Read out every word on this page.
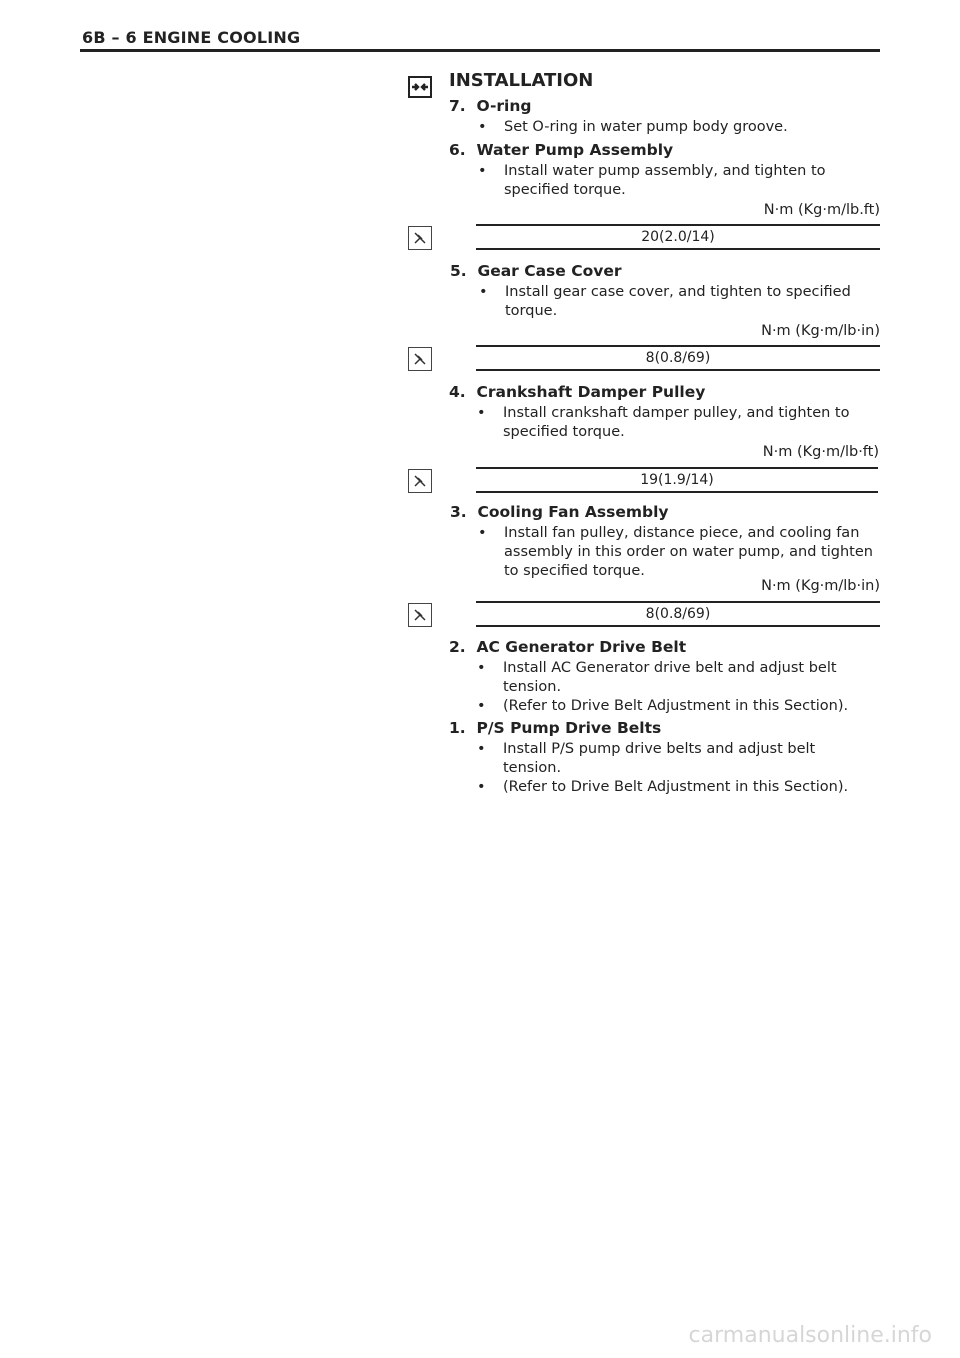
6B – 6 ENGINE COOLING
INSTALLATION
7. O-ring
• Set O-ring in water pump body groove.
6. Water Pump Assembly
• Install water pump assembly, and tighten to
specified torque.
N·m (Kg·m/lb.ft)
20(2.0/14)
5. Gear Case Cover
• Install gear case cover, and tighten to specified
torque.
N·m (Kg·m/lb·in)
8(0.8/69)
4. Crankshaft Damper Pulley
• Install crankshaft damper pulley, and tighten to
specified torque.
N·m (Kg·m/lb·ft)
19(1.9/14)
3. Cooling Fan Assembly
• Install fan pulley, distance piece, and cooling fan
assembly in this order on water pump, and tighten
to specified torque.
N·m (Kg·m/lb·in)
8(0.8/69)
2. AC Generator Drive Belt
• Install AC Generator drive belt and adjust belt
tension.
• (Refer to Drive Belt Adjustment in this Section).
1. P/S Pump Drive Belts
• Install P/S pump drive belts and adjust belt
tension.
• (Refer to Drive Belt Adjustment in this Section).
carmanualsonline.info
